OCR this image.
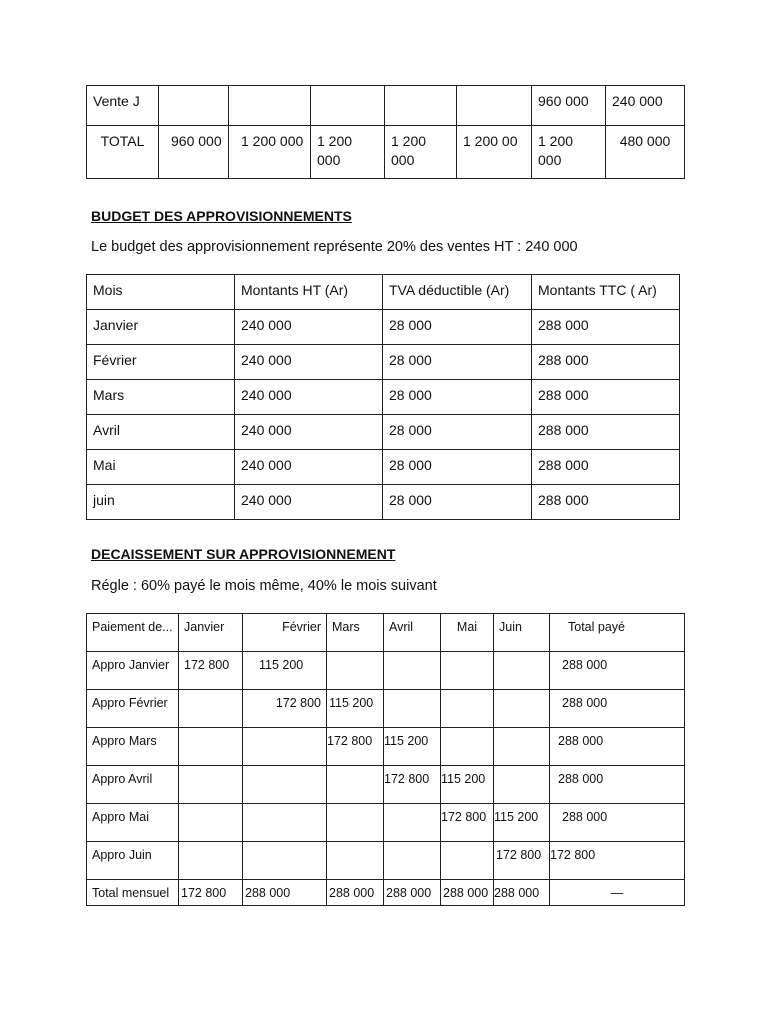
Vente J						960 000	240 000
TOTAL	960 000	1 200 000	1 200 000	1 200 000	1 200 00	1 200 000	480 000
BUDGET DES APPROVISIONNEMENTS
Le budget des approvisionnement représente 20% des ventes HT : 240 000
Mois	Montants HT (Ar)	TVA déductible (Ar)	Montants TTC ( Ar)
Janvier	240 000	28 000	288 000
Février	240 000	28 000	288 000
Mars	240 000	28 000	288 000
Avril	240 000	28 000	288 000
Mai	240 000	28 000	288 000
juin	240 000	28 000	288 000
DECAISSEMENT SUR APPROVISIONNEMENT
Régle : 60% payé le mois même, 40% le mois suivant
Paiement de...	Janvier	Février	Mars	Avril	Mai	Juin	Total payé
Appro Janvier	172 800	115 200					288 000
Appro Février		172 800	115 200				288 000
Appro Mars			172 800	115 200			288 000
Appro Avril				172 800	115 200		288 000
Appro Mai					172 800	115 200	288 000
Appro Juin						172 800	172 800
Total mensuel	172 800	288 000	288 000	288 000	288 000	288 000	—
